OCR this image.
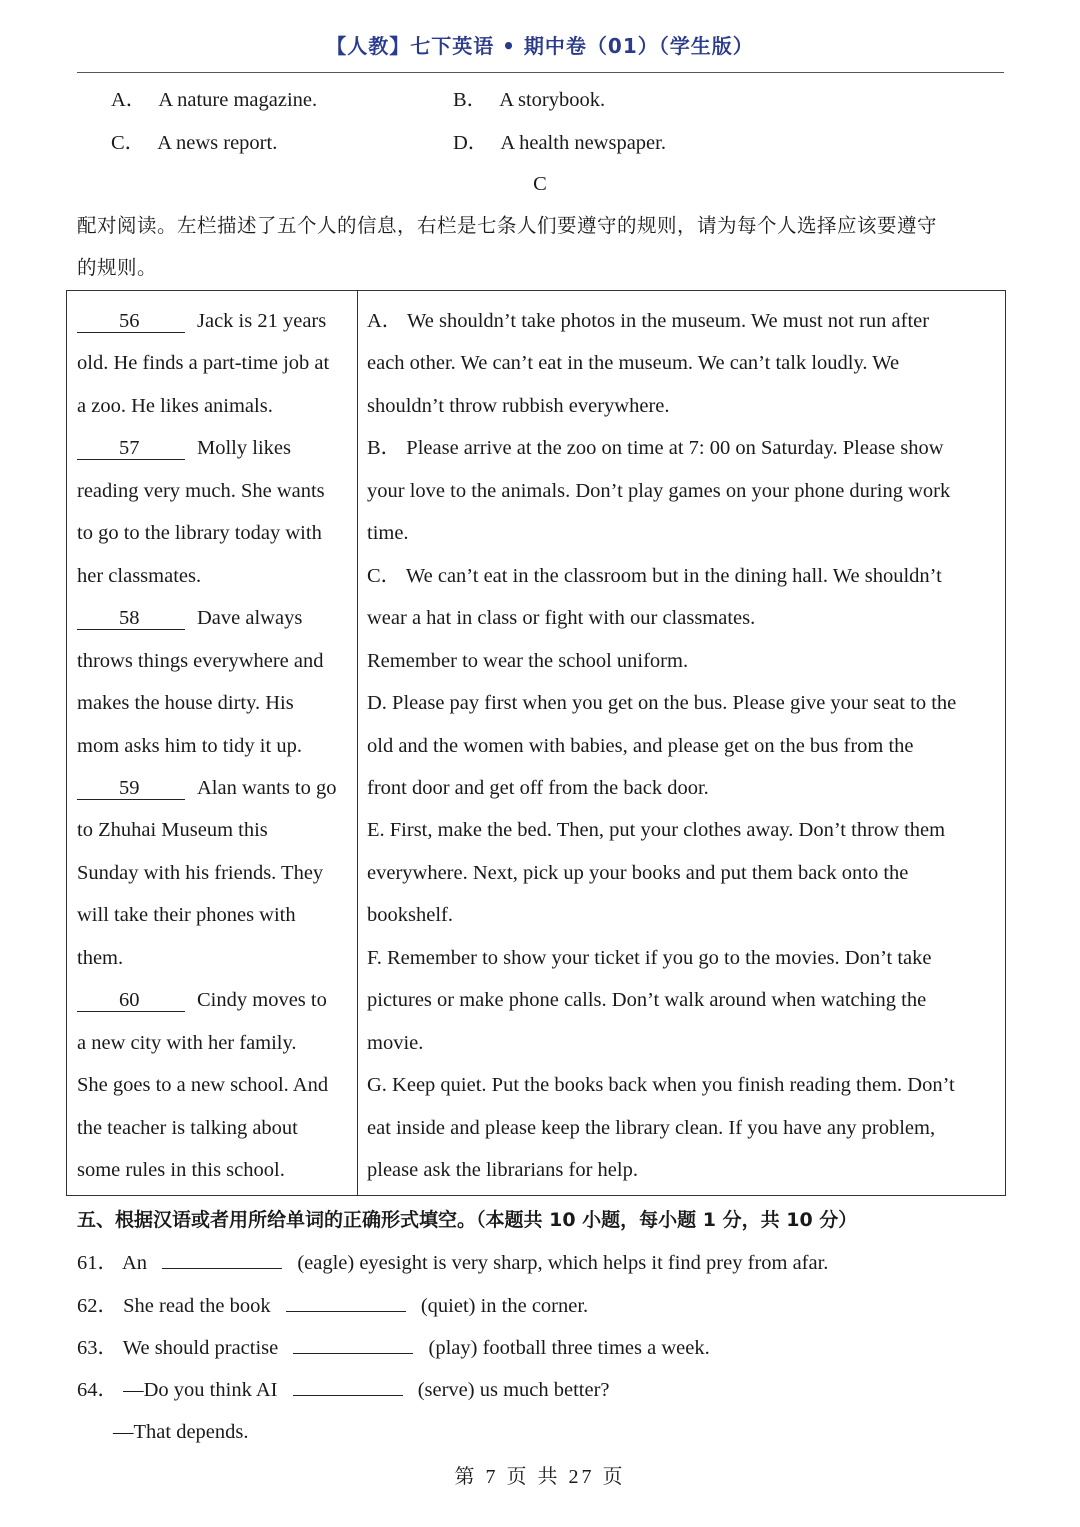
【人教】七下英语 • 期中卷（01）（学生版）
A． A nature magazine.	B． A storybook.
C． A news report.	D． A health newspaper.
C
配对阅读。左栏描述了五个人的信息，右栏是七条人们要遵守的规则，请为每个人选择应该要遵守
的规则。
56	Jack is 21 years
old. He finds a part-time job at
a zoo. He likes animals.
57	Molly likes
reading very much. She wants
to go to the library today with
her classmates.
58	Dave always
throws things everywhere and
makes the house dirty. His
mom asks him to tidy it up.
59	Alan wants to go
to Zhuhai Museum this
Sunday with his friends. They
will take their phones with
them.
60	Cindy moves to
a new city with her family.
She goes to a new school. And
the teacher is talking about
some rules in this school.
A． We shouldn’t take photos in the museum. We must not run after
each other. We can’t eat in the museum. We can’t talk loudly. We
shouldn’t throw rubbish everywhere.
B． Please arrive at the zoo on time at 7: 00 on Saturday. Please show
your love to the animals. Don’t play games on your phone during work
time.
C． We can’t eat in the classroom but in the dining hall. We shouldn’t
wear a hat in class or fight with our classmates.
Remember to wear the school uniform.
D. Please pay first when you get on the bus. Please give your seat to the
old and the women with babies, and please get on the bus from the
front door and get off from the back door.
E. First, make the bed. Then, put your clothes away. Don’t throw them
everywhere. Next, pick up your books and put them back onto the
bookshelf.
F. Remember to show your ticket if you go to the movies. Don’t take
pictures or make phone calls. Don’t walk around when watching the
movie.
G. Keep quiet. Put the books back when you finish reading them. Don’t
eat inside and please keep the library clean. If you have any problem,
please ask the librarians for help.
五、根据汉语或者用所给单词的正确形式填空。（本题共 10 小题，每小题 1 分，共 10 分）
61． An	(eagle) eyesight is very sharp, which helps it find prey from afar.
62． She read the book	(quiet) in the corner.
63． We should practise	(play) football three times a week.
64． —Do you think AI	(serve) us much better?
—That depends.
第 7 页 共 27 页
